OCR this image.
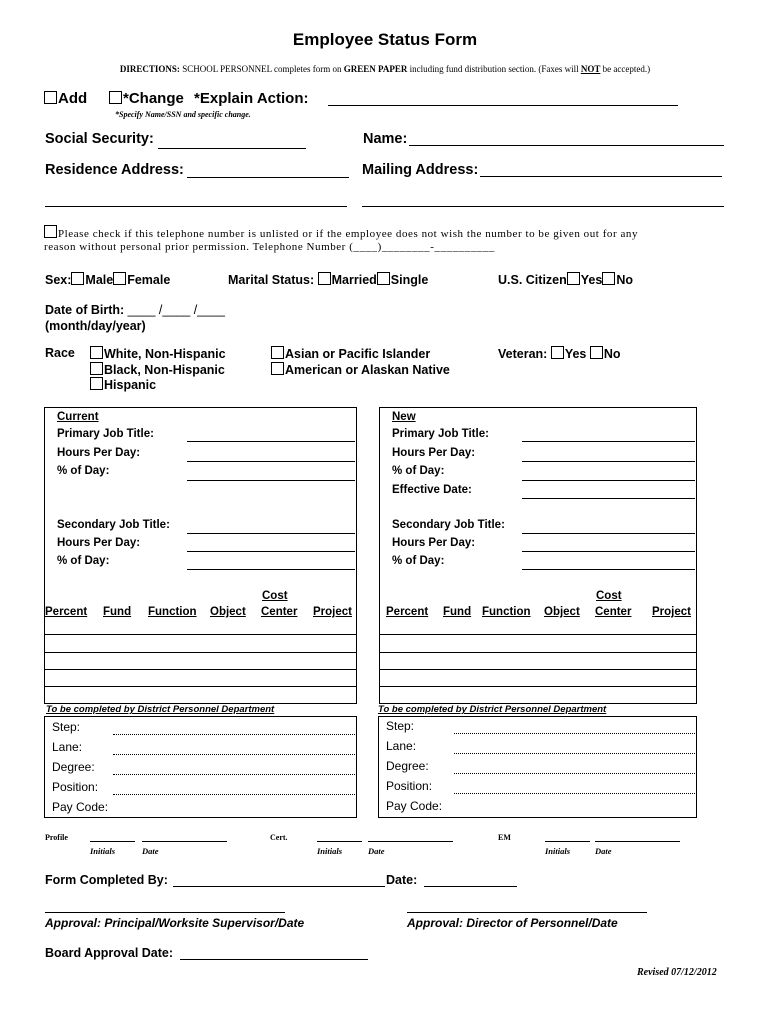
Employee Status Form
DIRECTIONS: SCHOOL PERSONNEL completes form on GREEN PAPER including fund distribution section. (Faxes will NOT be accepted.)
Add	*Change *Explain Action:
*Specify Name/SSN and specific change.
Social Security:	Name:
Residence Address:	Mailing Address:
Please check if this telephone number is unlisted or if the employee does not wish the number to be given out for any
reason without personal prior permission. Telephone Number (____)________-__________
Sex: Male Female	Marital Status: Married Single	U.S. Citizen Yes No
Date of Birth: ____ /____ /____
(month/day/year)
Race	White, Non-Hispanic
Black, Non-Hispanic
Hispanic
Asian or Pacific Islander
American or Alaskan Native
Veteran: Yes No
Current
Primary Job Title:
Hours Per Day:
% of Day:
Secondary Job Title:
Hours Per Day:
% of Day:
Cost
Percent Fund Function Object Center Project
New
Primary Job Title:
Hours Per Day:
% of Day:
Effective Date:
Secondary Job Title:
Hours Per Day:
% of Day:
Cost
Percent Fund Function Object Center Project
To be completed by District Personnel Department
Step:
Lane:
Degree:
Position:
Pay Code:
To be completed by District Personnel Department
Step:
Lane:
Degree:
Position:
Pay Code:
Profile
Initials	Date
Cert.
Initials	Date
EM
Initials	Date
Form Completed By:	Date:
Approval: Principal/Worksite Supervisor/Date	Approval: Director of Personnel/Date
Board Approval Date:
Revised 07/12/2012
